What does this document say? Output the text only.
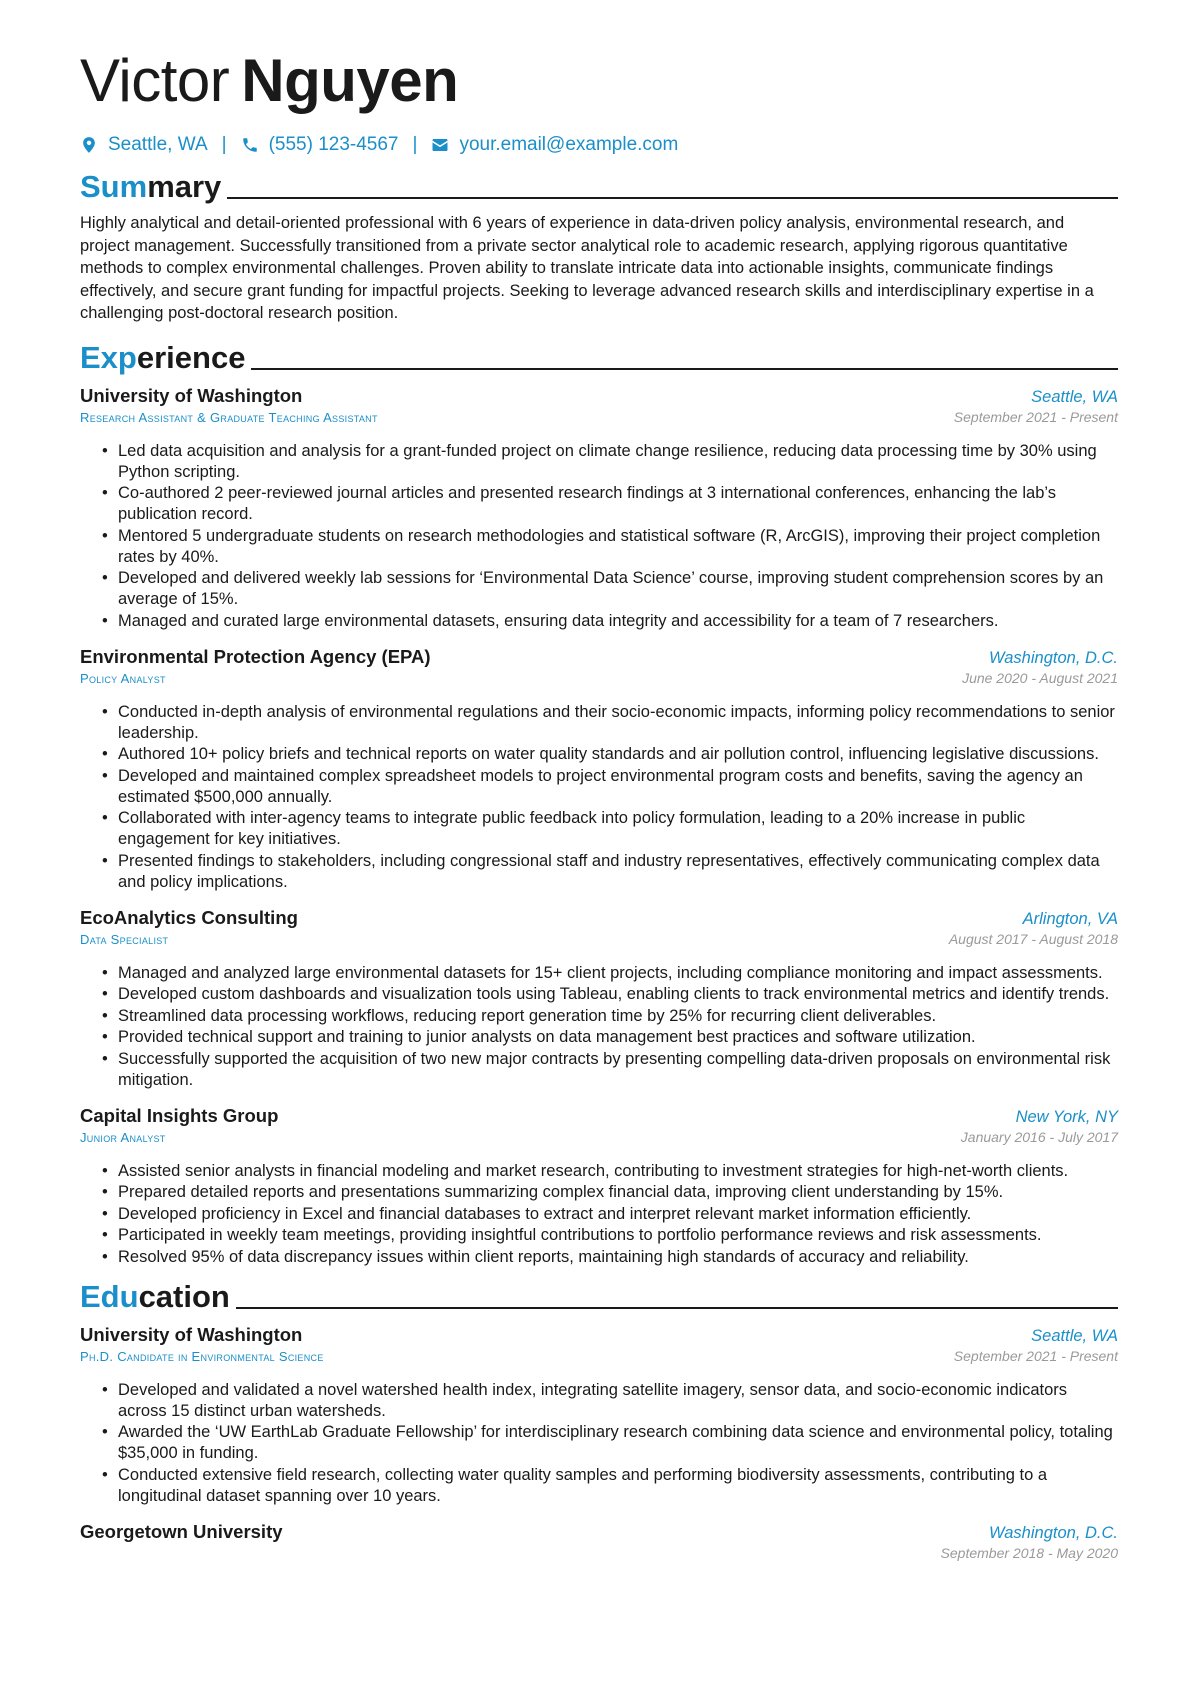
Victor Nguyen
Seattle, WA | (555) 123-4567 | your.email@example.com
Summary

Highly analytical and detail-oriented professional with 6 years of experience in data-driven policy analysis, environmental research, and project management. Successfully transitioned from a private sector analytical role to academic research, applying rigorous quantitative methods to complex environmental challenges. Proven ability to translate intricate data into actionable insights, communicate findings effectively, and secure grant funding for impactful projects. Seeking to leverage advanced research skills and interdisciplinary expertise in a challenging post-doctoral research position.

Experience
University of Washington	Seattle, WA
Research Assistant & Graduate Teaching Assistant	September 2021 - Present
• Led data acquisition and analysis for a grant-funded project on climate change resilience, reducing data processing time by 30% using Python scripting.
• Co-authored 2 peer-reviewed journal articles and presented research findings at 3 international conferences, enhancing the lab’s publication record.
• Mentored 5 undergraduate students on research methodologies and statistical software (R, ArcGIS), improving their project completion rates by 40%.
• Developed and delivered weekly lab sessions for ‘Environmental Data Science’ course, improving student comprehension scores by an average of 15%.
• Managed and curated large environmental datasets, ensuring data integrity and accessibility for a team of 7 researchers.
Environmental Protection Agency (EPA)	Washington, D.C.
Policy Analyst	June 2020 - August 2021
• Conducted in-depth analysis of environmental regulations and their socio-economic impacts, informing policy recommendations to senior leadership.
• Authored 10+ policy briefs and technical reports on water quality standards and air pollution control, influencing legislative discussions.
• Developed and maintained complex spreadsheet models to project environmental program costs and benefits, saving the agency an estimated $500,000 annually.
• Collaborated with inter-agency teams to integrate public feedback into policy formulation, leading to a 20% increase in public engagement for key initiatives.
• Presented findings to stakeholders, including congressional staff and industry representatives, effectively communicating complex data and policy implications.
EcoAnalytics Consulting	Arlington, VA
Data Specialist	August 2017 - August 2018
• Managed and analyzed large environmental datasets for 15+ client projects, including compliance monitoring and impact assessments.
• Developed custom dashboards and visualization tools using Tableau, enabling clients to track environmental metrics and identify trends.
• Streamlined data processing workflows, reducing report generation time by 25% for recurring client deliverables.
• Provided technical support and training to junior analysts on data management best practices and software utilization.
• Successfully supported the acquisition of two new major contracts by presenting compelling data-driven proposals on environmental risk mitigation.
Capital Insights Group	New York, NY
Junior Analyst	January 2016 - July 2017
• Assisted senior analysts in financial modeling and market research, contributing to investment strategies for high-net-worth clients.
• Prepared detailed reports and presentations summarizing complex financial data, improving client understanding by 15%.
• Developed proficiency in Excel and financial databases to extract and interpret relevant market information efficiently.
• Participated in weekly team meetings, providing insightful contributions to portfolio performance reviews and risk assessments.
• Resolved 95% of data discrepancy issues within client reports, maintaining high standards of accuracy and reliability.
Education
University of Washington	Seattle, WA
Ph.D. Candidate in Environmental Science	September 2021 - Present
• Developed and validated a novel watershed health index, integrating satellite imagery, sensor data, and socio-economic indicators across 15 distinct urban watersheds.
• Awarded the ‘UW EarthLab Graduate Fellowship’ for interdisciplinary research combining data science and environmental policy, totaling $35,000 in funding.
• Conducted extensive field research, collecting water quality samples and performing biodiversity assessments, contributing to a longitudinal dataset spanning over 10 years.
Georgetown University	Washington, D.C.
September 2018 - May 2020
